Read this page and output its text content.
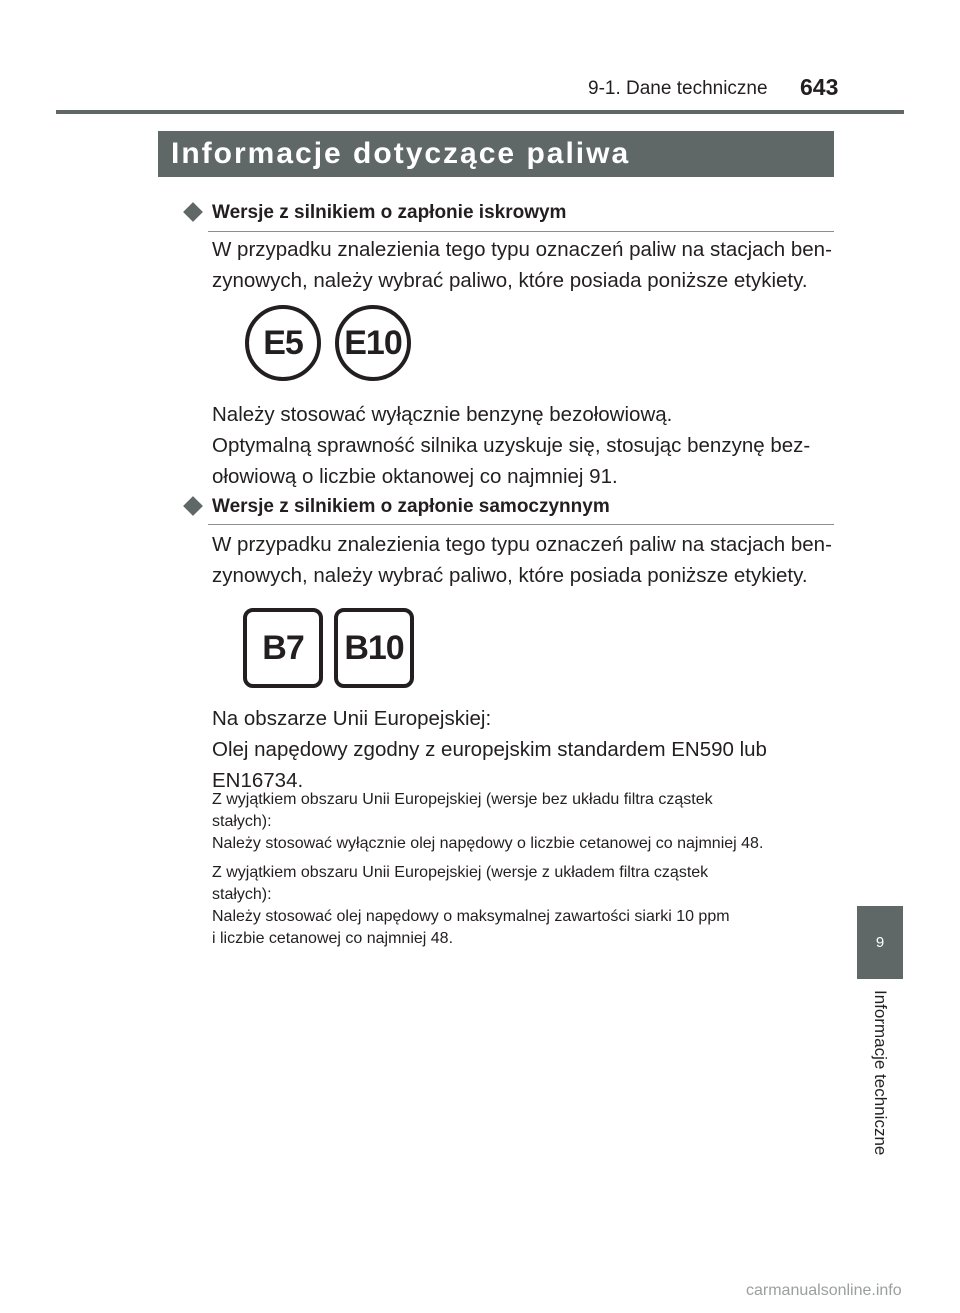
9-1. Dane techniczne 643
Informacje dotyczące paliwa
Wersje z silnikiem o zapłonie iskrowym
W przypadku znalezienia tego typu oznaczeń paliw na stacjach ben-
zynowych, należy wybrać paliwo, które posiada poniższe etykiety.
E5	E10
Należy stosować wyłącznie benzynę bezołowiową.
Optymalną sprawność silnika uzyskuje się, stosując benzynę bez-
ołowiową o liczbie oktanowej co najmniej 91.
Wersje z silnikiem o zapłonie samoczynnym
W przypadku znalezienia tego typu oznaczeń paliw na stacjach ben-
zynowych, należy wybrać paliwo, które posiada poniższe etykiety.
B7	B10
Na obszarze Unii Europejskiej:
Olej napędowy zgodny z europejskim standardem EN590 lub
EN16734.
Z wyjątkiem obszaru Unii Europejskiej (wersje bez układu filtra cząstek
stałych):
Należy stosować wyłącznie olej napędowy o liczbie cetanowej co najmniej 48.
Z wyjątkiem obszaru Unii Europejskiej (wersje z układem filtra cząstek
stałych):
Należy stosować olej napędowy o maksymalnej zawartości siarki 10 ppm
i liczbie cetanowej co najmniej 48.	9
Informacje techniczne
carmanualsonline.info
